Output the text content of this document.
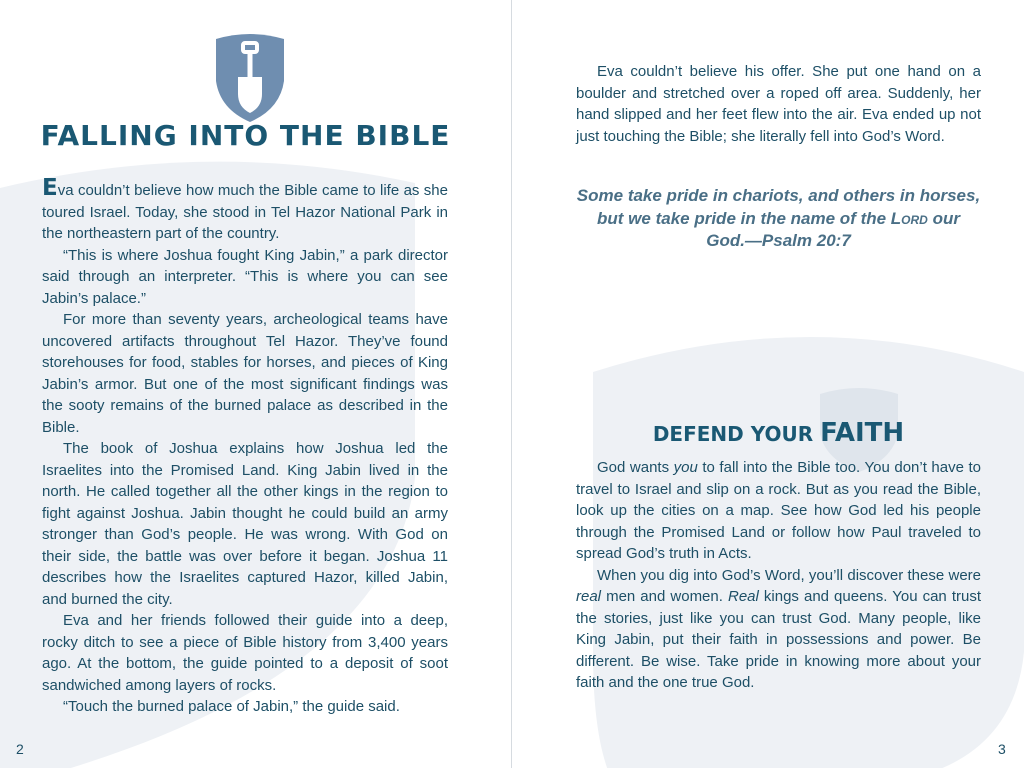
FALLING INTO THE BIBLE

Eva couldn’t believe how much the Bible came to life as she toured Israel. Today, she stood in Tel Hazor National Park in the northeastern part of the country.

“This is where Joshua fought King Jabin,” a park director said through an interpreter. “This is where you can see Jabin’s palace.”

For more than seventy years, archeological teams have uncovered artifacts throughout Tel Hazor. They’ve found storehouses for food, stables for horses, and pieces of King Jabin’s armor. But one of the most significant findings was the sooty remains of the burned palace as described in the Bible.

The book of Joshua explains how Joshua led the Israelites into the Promised Land. King Jabin lived in the north. He called together all the other kings in the region to fight against Joshua. Jabin thought he could build an army stronger than God’s people. He was wrong. With God on their side, the battle was over before it began. Joshua 11 describes how the Israelites captured Hazor, killed Jabin, and burned the city.

Eva and her friends followed their guide into a deep, rocky ditch to see a piece of Bible history from 3,400 years ago. At the bottom, the guide pointed to a deposit of soot sandwiched among layers of rocks.

“Touch the burned palace of Jabin,” the guide said.

2

Eva couldn’t believe his offer. She put one hand on a boulder and stretched over a roped off area. Suddenly, her hand slipped and her feet flew into the air. Eva ended up not just touching the Bible; she literally fell into God’s Word.

Some take pride in chariots, and others in horses, but we take pride in the name of the Lord our God.—Psalm 20:7

DEFEND YOUR FAITH

God wants you to fall into the Bible too. You don’t have to travel to Israel and slip on a rock. But as you read the Bible, look up the cities on a map. See how God led his people through the Promised Land or follow how Paul traveled to spread God’s truth in Acts.

When you dig into God’s Word, you’ll discover these were real men and women. Real kings and queens. You can trust the stories, just like you can trust God. Many people, like King Jabin, put their faith in possessions and power. Be different. Be wise. Take pride in knowing more about your faith and the one true God.

3
